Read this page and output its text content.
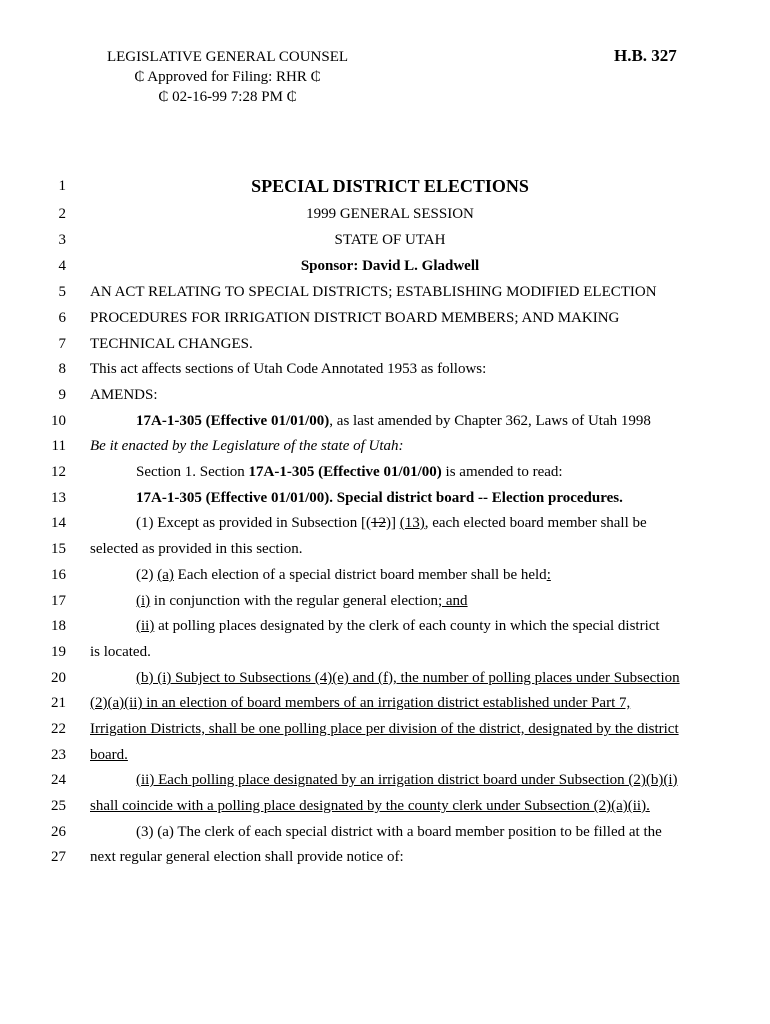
LEGISLATIVE GENERAL COUNSEL
₵ Approved for Filing: RHR ₵
₵ 02-16-99 7:28 PM ₵
H.B. 327
1	SPECIAL DISTRICT ELECTIONS
2	1999 GENERAL SESSION
3	STATE OF UTAH
4	Sponsor: David L. Gladwell
5 AN ACT RELATING TO SPECIAL DISTRICTS; ESTABLISHING MODIFIED ELECTION
6 PROCEDURES FOR IRRIGATION DISTRICT BOARD MEMBERS; AND MAKING
7 TECHNICAL CHANGES.
8 This act affects sections of Utah Code Annotated 1953 as follows:
9 AMENDS:
10	17A-1-305 (Effective 01/01/00), as last amended by Chapter 362, Laws of Utah 1998
11 Be it enacted by the Legislature of the state of Utah:
12	Section 1. Section 17A-1-305 (Effective 01/01/00) is amended to read:
13	17A-1-305 (Effective 01/01/00). Special district board -- Election procedures.
14	(1) Except as provided in Subsection [(12)] (13), each elected board member shall be
15 selected as provided in this section.
16	(2) (a) Each election of a special district board member shall be held:
17	(i) in conjunction with the regular general election; and
18	(ii) at polling places designated by the clerk of each county in which the special district
19 is located.
20	(b) (i) Subject to Subsections (4)(e) and (f), the number of polling places under Subsection
21 (2)(a)(ii) in an election of board members of an irrigation district established under Part 7,
22 Irrigation Districts, shall be one polling place per division of the district, designated by the district
23 board.
24	(ii) Each polling place designated by an irrigation district board under Subsection (2)(b)(i)
25 shall coincide with a polling place designated by the county clerk under Subsection (2)(a)(ii).
26	(3) (a) The clerk of each special district with a board member position to be filled at the
27 next regular general election shall provide notice of:
